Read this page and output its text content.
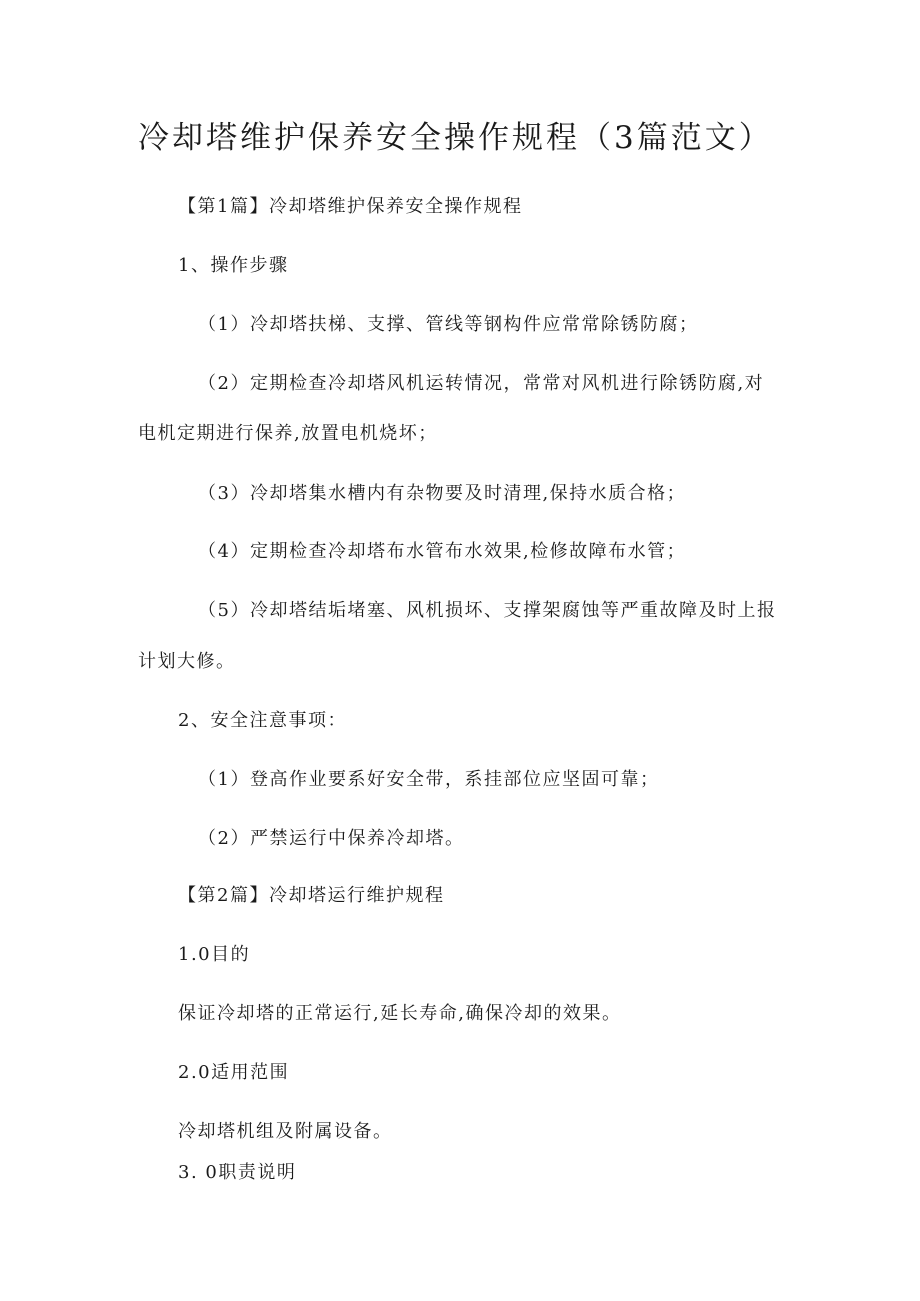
冷却塔维护保养安全操作规程（3篇范文）

【第1篇】冷却塔维护保养安全操作规程

1、操作步骤

（1）冷却塔扶梯、支撑、管线等钢构件应常常除锈防腐；

（2）定期检查冷却塔风机运转情况，常常对风机进行除锈防腐,对

电机定期进行保养,放置电机烧坏；

（3）冷却塔集水槽内有杂物要及时清理,保持水质合格；

（4）定期检查冷却塔布水管布水效果,检修故障布水管；

（5）冷却塔结垢堵塞、风机损坏、支撑架腐蚀等严重故障及时上报

计划大修。

2、安全注意事项：

（1）登高作业要系好安全带，系挂部位应坚固可靠；

（2）严禁运行中保养冷却塔。

【第2篇】冷却塔运行维护规程

1.0目的

保证冷却塔的正常运行,延长寿命,确保冷却的效果。

2.0适用范围

冷却塔机组及附属设备。

3. 0职责说明
